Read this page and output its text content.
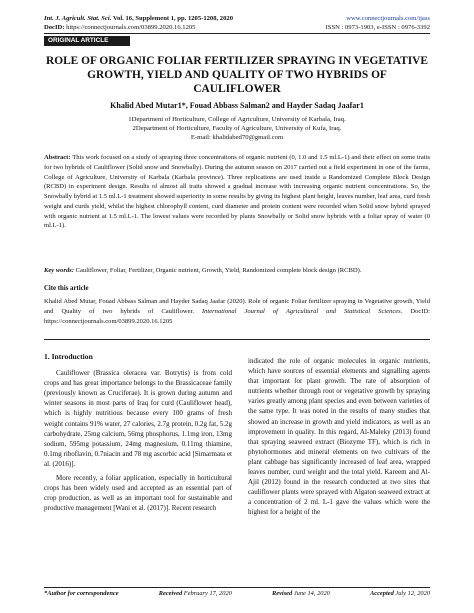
Int. J. Agricult. Stat. Sci. Vol. 16, Supplement 1, pp. 1205-1208, 2020
DocID: https://connectjournals.com/03899.2020.16.1205
www.connectjournals.com/ijass
ISSN : 0973-1903, e-ISSN : 0976-3392
ORIGINAL ARTICLE
ROLE OF ORGANIC FOLIAR FERTILIZER SPRAYING IN VEGETATIVE
GROWTH, YIELD AND QUALITY OF TWO HYBRIDS OF CAULIFLOWER
Khalid Abed Mutar1*, Fouad Abbass Salman2 and Hayder Sadaq Jaafar1
1Department of Horticulture, College of Agriculture, University of Karbala, Iraq.
2Department of Horticulture, Faculty of Agriculture, University of Kufa, Iraq.
E-mail: khalidabed70@gmail.com
Abstract: This work focused on a study of spraying three concentrations of organic nutrient (0, 1.0 and 1.5 ml.L-1) and their effect on some traits for two hybrids of Cauliflower (Solid snow and Snowbally). During the autumn season on 2017 carried out a field experiment in one of the farms, College of Agriculture, University of Karbala (Karbala province). Three replications are used inside a Randomized Complete Block Design (RCBD) in experiment design. Results of almost all traits showed a gradual increase with increasing organic nutrient concentrations. So, the Snowbally hybrid at 1.5 ml.L-1 treatment showed superiority in some results by giving its highest plant height, leaves number, leaf area, curd fresh weight and curds yield, whilst the highest chlorophyll content, curd diameter and protein content were recorded when Solid snow hybrid sprayed with organic nutrient at 1.5 ml.L-1. The lowest values were recorded by plants Snowbally or Solid snow hybrids with a foliar spray of water (0 ml.L-1).
Key words: Cauliflower, Foliar, Fertilizer, Organic nutrient, Growth, Yield, Randomized complete block design (RCBD).
Cite this article
Khalid Abed Mutar, Fouad Abbass Salman and Hayder Sadaq Jaafar (2020). Role of organic Foliar fertilizer spraying in Vegetative growth, Yield and Quality of two hybrids of Cauliflower. International Journal of Agricultural and Statistical Sciences. DocID: https://connectjournals.com/03899.2020.16.1205
1. Introduction

Cauliflower (Brassica oleracea var. Botrytis) is from cold crops and has great importance belongs to the Brassicaceae family (previously known as Cruciferae). It is grown during autumn and winter seasons in most parts of Iraq for curd (Cauliflower head), which is highly nutritious because every 100 grams of fresh weight contains 91% water, 27 calories, 2.7g protein, 0.2g fat, 5.2g carbohydrate, 25mg calcium, 56mg phosphorus, 1.1mg iron, 13mg sodium, 595mg potassium, 24mg magnesium, 0.11mg thiamine, 0.1mg riboflavin, 0.7niacin and 78 mg ascorbic acid [Simarmata et al. (2016)].

More recently, a foliar application, especially in horticultural crops has been widely used and accepted as an essential part of crop production, as well as an important tool for sustainable and productive management [Wani et al. (2017)]. Recent research

indicated the role of organic molecules in organic nutrients, which have sources of essential elements and signalling agents that important for plant growth. The rate of absorption of nutrients whether through root or vegetative growth by spraying varies greatly among plant species and even between varieties of the same type. It was noted in the results of many studies that showed an increase in growth and yield indicators, as well as an improvement in quality. In this regard, Al-Maleky (2013) found that spraying seaweed extract (Biozyme TF), which is rich in phytohormones and mineral elements on two cultivars of the plant cabbage has significantly increased of leaf area, wrapped leaves number, curd weight and the total yield. Kareem and Al-Ajil (2012) found in the research conducted at two sites that cauliflower plants were sprayed with Algaton seaweed extract at a concentration of 2 ml. L-1 gave the values which were the highest for a height of the

*Author for correspondence	Received February 17, 2020	Revised June 14, 2020	Accepted July 12, 2020
